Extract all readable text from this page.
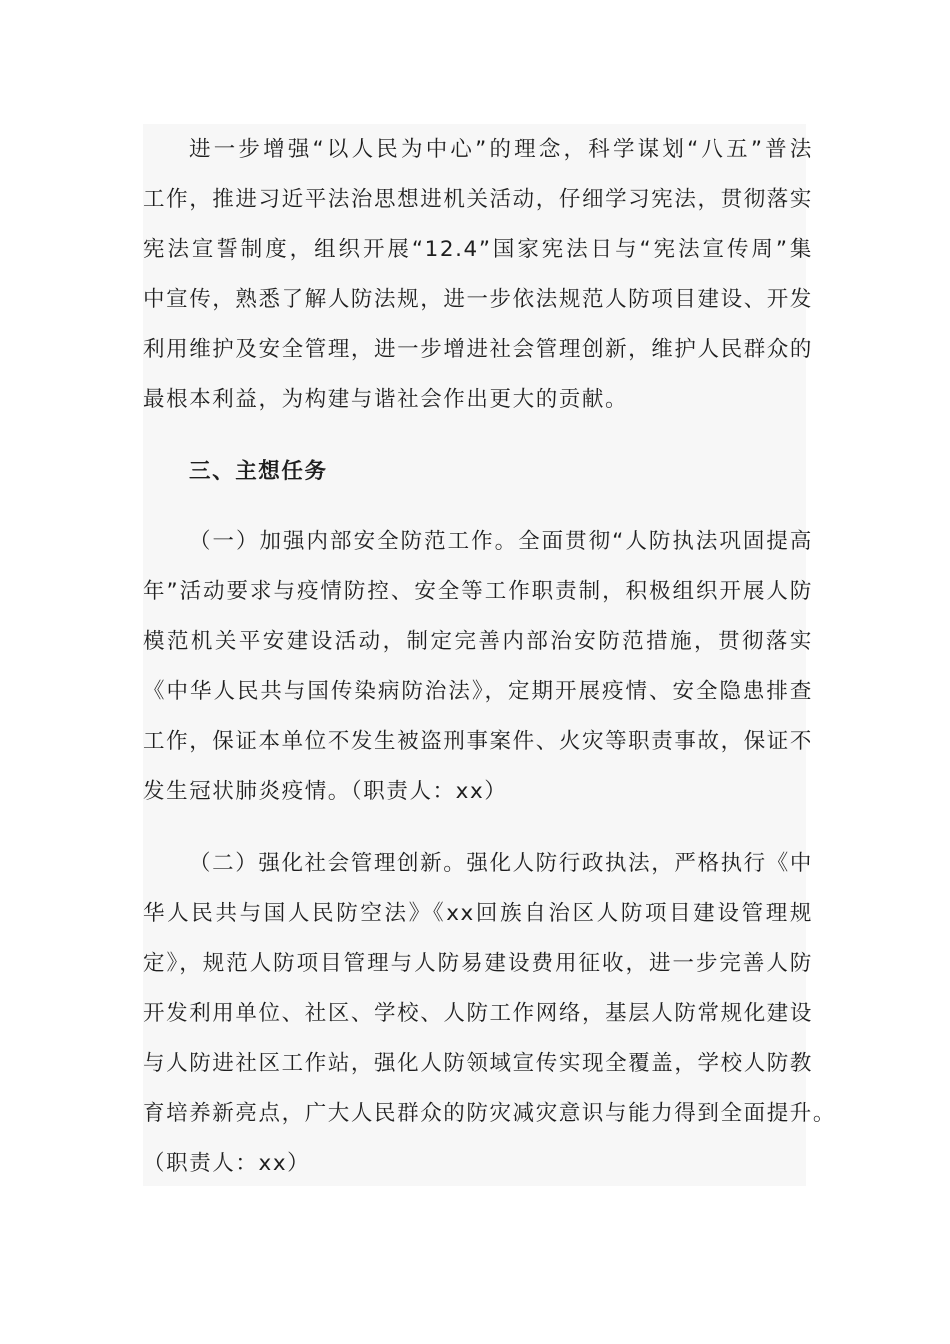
进一步增强“以人民为中心”的理念，科学谋划“八五”普法
工作，推进习近平法治思想进机关活动，仔细学习宪法，贯彻落实
宪法宣誓制度，组织开展“12.4”国家宪法日与“宪法宣传周”集
中宣传，熟悉了解人防法规，进一步依法规范人防项目建设、开发
利用维护及安全管理，进一步增进社会管理创新，维护人民群众的
最根本利益，为构建与谐社会作出更大的贡献。
三、主想任务
（一）加强内部安全防范工作。全面贯彻“人防执法巩固提高
年”活动要求与疫情防控、安全等工作职责制，积极组织开展人防
模范机关平安建设活动，制定完善内部治安防范措施，贯彻落实
《中华人民共与国传染病防治法》，定期开展疫情、安全隐患排查
工作，保证本单位不发生被盗刑事案件、火灾等职责事故，保证不
发生冠状肺炎疫情。（职责人：xx）
（二）强化社会管理创新。强化人防行政执法，严格执行《中
华人民共与国人民防空法》《xx回族自治区人防项目建设管理规
定》，规范人防项目管理与人防易建设费用征收，进一步完善人防
开发利用单位、社区、学校、人防工作网络，基层人防常规化建设
与人防进社区工作站，强化人防领域宣传实现全覆盖，学校人防教
育培养新亮点，广大人民群众的防灾减灾意识与能力得到全面提升。
（职责人：xx）
